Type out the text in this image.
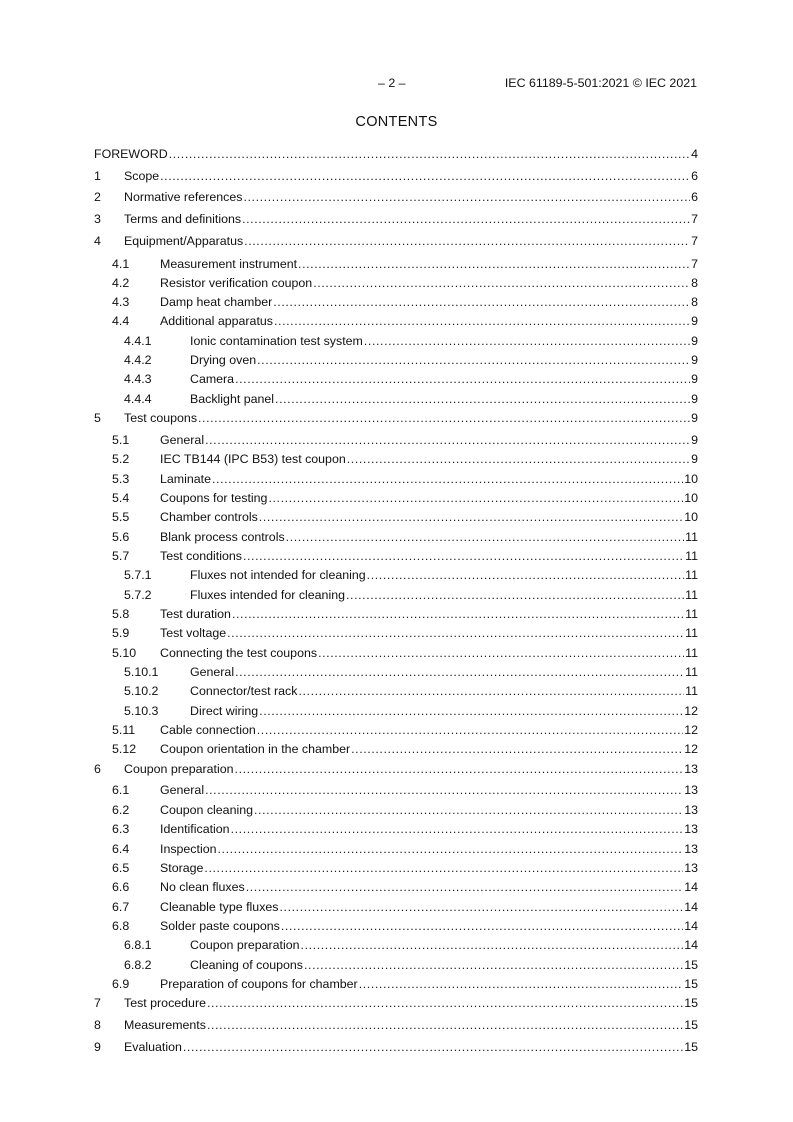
– 2 –	IEC 61189-5-501:2021 © IEC 2021
CONTENTS
FOREWORD .....	4
1 Scope .....	6
2 Normative references .....	6
3 Terms and definitions .....	7
4 Equipment/Apparatus .....	7
4.1 Measurement instrument .....	7
4.2 Resistor verification coupon .....	8
4.3 Damp heat chamber .....	8
4.4 Additional apparatus .....	9
4.4.1	Ionic contamination test system .....	9
4.4.2	Drying oven .....	9
4.4.3	Camera .....	9
4.4.4	Backlight panel .....	9
5 Test coupons .....	9
5.1 General .....	9
5.2 IEC TB144 (IPC B53) test coupon .....	9
5.3 Laminate .....	10
5.4 Coupons for testing .....	10
5.5 Chamber controls .....	10
5.6 Blank process controls .....	11
5.7 Test conditions .....	11
5.7.1	Fluxes not intended for cleaning .....	11
5.7.2	Fluxes intended for cleaning .....	11
5.8 Test duration .....	11
5.9 Test voltage .....	11
5.10 Connecting the test coupons .....	11
5.10.1	General .....	11
5.10.2	Connector/test rack .....	11
5.10.3	Direct wiring .....	12
5.11 Cable connection .....	12
5.12 Coupon orientation in the chamber .....	12
6 Coupon preparation .....	13
6.1 General .....	13
6.2 Coupon cleaning .....	13
6.3 Identification .....	13
6.4 Inspection .....	13
6.5 Storage .....	13
6.6 No clean fluxes .....	14
6.7 Cleanable type fluxes .....	14
6.8 Solder paste coupons .....	14
6.8.1	Coupon preparation .....	14
6.8.2	Cleaning of coupons .....	15
6.9 Preparation of coupons for chamber .....	15
7 Test procedure .....	15
8 Measurements .....	15
9 Evaluation .....	15
